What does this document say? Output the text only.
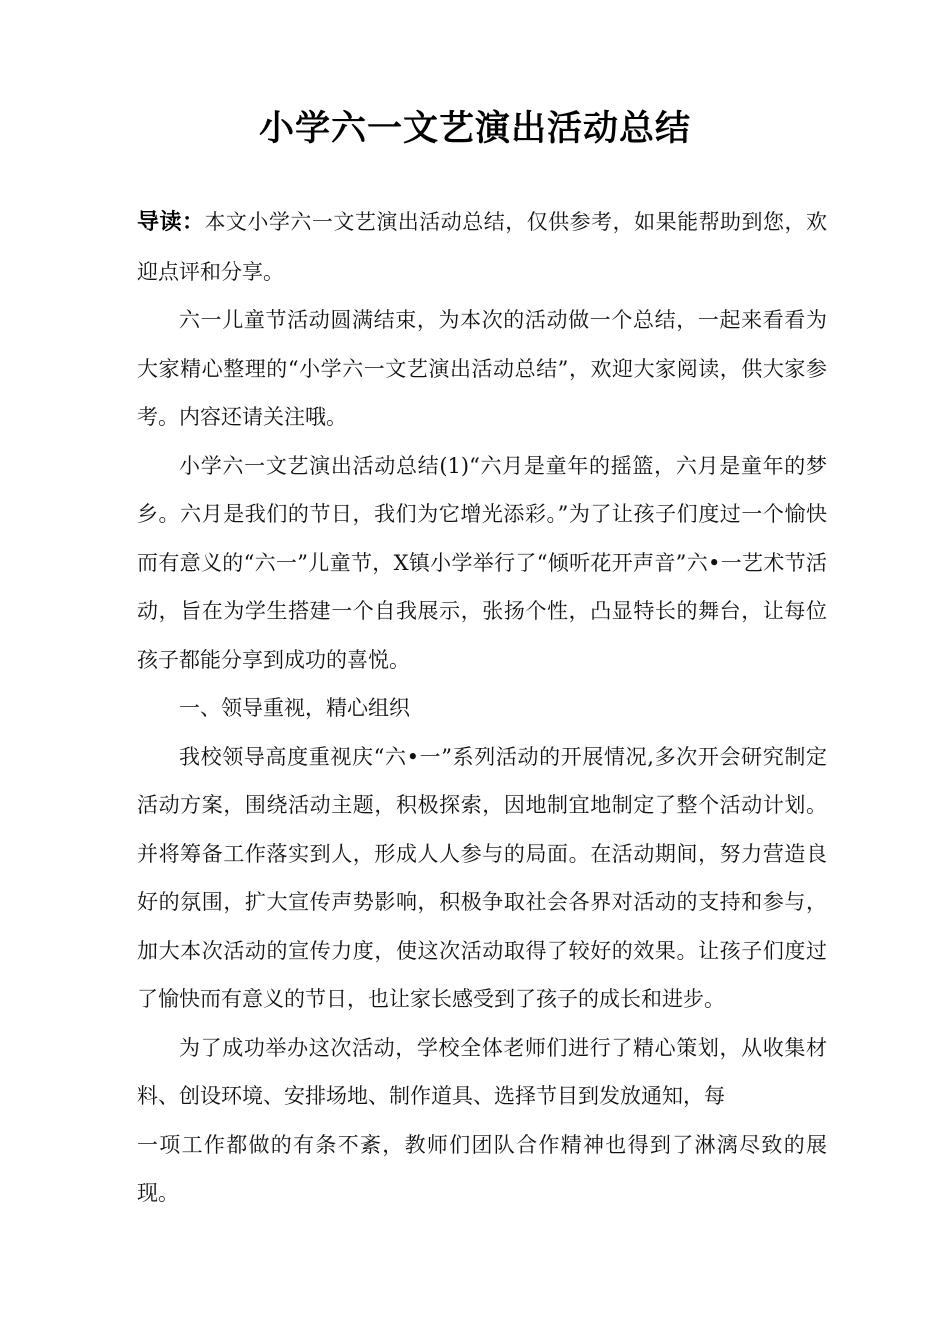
小学六一文艺演出活动总结

导读：本文小学六一文艺演出活动总结，仅供参考，如果能帮助到您，欢迎点评和分享。

六一儿童节活动圆满结束，为本次的活动做一个总结，一起来看看为大家精心整理的“小学六一文艺演出活动总结”，欢迎大家阅读，供大家参考。内容还请关注哦。

小学六一文艺演出活动总结(1)“六月是童年的摇篮，六月是童年的梦乡。六月是我们的节日，我们为它增光添彩。”为了让孩子们度过一个愉快而有意义的“六一”儿童节，X镇小学举行了“倾听花开声音”六•一艺术节活动，旨在为学生搭建一个自我展示，张扬个性，凸显特长的舞台，让每位孩子都能分享到成功的喜悦。

一、领导重视，精心组织

我校领导高度重视庆“六•一”系列活动的开展情况,多次开会研究制定活动方案，围绕活动主题，积极探索，因地制宜地制定了整个活动计划。并将筹备工作落实到人，形成人人参与的局面。在活动期间，努力营造良好的氛围，扩大宣传声势影响，积极争取社会各界对活动的支持和参与，加大本次活动的宣传力度，使这次活动取得了较好的效果。让孩子们度过了愉快而有意义的节日，也让家长感受到了孩子的成长和进步。

为了成功举办这次活动，学校全体老师们进行了精心策划，从收集材料、创设环境、安排场地、制作道具、选择节目到发放通知，每

一项工作都做的有条不紊，教师们团队合作精神也得到了淋漓尽致的展现。
